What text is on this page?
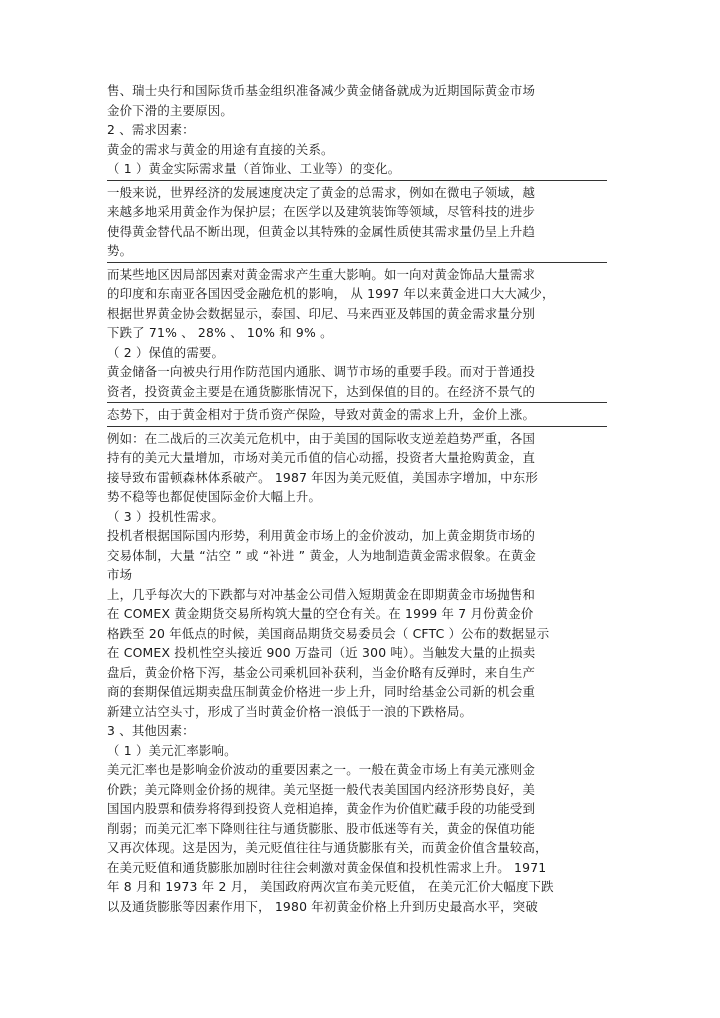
售、瑞士央行和国际货币基金组织准备减少黄金储备就成为近期国际黄金市场
金价下滑的主要原因。
2 、需求因素：
黄金的需求与黄金的用途有直接的关系。
（ 1 ）黄金实际需求量（首饰业、工业等）的变化。
一般来说，世界经济的发展速度决定了黄金的总需求，例如在微电子领域，越
来越多地采用黄金作为保护层；在医学以及建筑装饰等领域，尽管科技的进步
使得黄金替代品不断出现，但黄金以其特殊的金属性质使其需求量仍呈上升趋
势。
而某些地区因局部因素对黄金需求产生重大影响。如一向对黄金饰品大量需求
的印度和东南亚各国因受金融危机的影响， 从 1997 年以来黄金进口大大减少，
根据世界黄金协会数据显示，泰国、印尼、马来西亚及韩国的黄金需求量分别
下跌了 71% 、 28% 、 10% 和 9% 。
（ 2 ）保值的需要。
黄金储备一向被央行用作防范国内通胀、调节市场的重要手段。而对于普通投
资者，投资黄金主要是在通货膨胀情况下，达到保值的目的。在经济不景气的
态势下，由于黄金相对于货币资产保险，导致对黄金的需求上升，金价上涨。
例如：在二战后的三次美元危机中，由于美国的国际收支逆差趋势严重，各国
持有的美元大量增加，市场对美元币值的信心动摇，投资者大量抢购黄金，直
接导致布雷顿森林体系破产。 1987 年因为美元贬值，美国赤字增加，中东形
势不稳等也都促使国际金价大幅上升。
（ 3 ）投机性需求。
投机者根据国际国内形势，利用黄金市场上的金价波动，加上黄金期货市场的
交易体制，大量 “沽空 ” 或 “补进 ” 黄金，人为地制造黄金需求假象。在黄金
市场
上，几乎每次大的下跌都与对冲基金公司借入短期黄金在即期黄金市场抛售和
在 COMEX 黄金期货交易所构筑大量的空仓有关。在 1999 年 7 月份黄金价
格跌至 20 年低点的时候，美国商品期货交易委员会（ CFTC ）公布的数据显示
在 COMEX 投机性空头接近 900 万盎司（近 300 吨）。当触发大量的止损卖
盘后，黄金价格下泻，基金公司乘机回补获利，当金价略有反弹时，来自生产
商的套期保值远期卖盘压制黄金价格进一步上升，同时给基金公司新的机会重
新建立沽空头寸，形成了当时黄金价格一浪低于一浪的下跌格局。
3 、其他因素：
（ 1 ）美元汇率影响。
美元汇率也是影响金价波动的重要因素之一。一般在黄金市场上有美元涨则金
价跌；美元降则金价扬的规律。美元坚挺一般代表美国国内经济形势良好，美
国国内股票和债券将得到投资人竞相追捧，黄金作为价值贮藏手段的功能受到
削弱；而美元汇率下降则往往与通货膨胀、股市低迷等有关，黄金的保值功能
又再次体现。这是因为，美元贬值往往与通货膨胀有关，而黄金价值含量较高，
在美元贬值和通货膨胀加剧时往往会刺激对黄金保值和投机性需求上升。 1971
年 8 月和 1973 年 2 月， 美国政府两次宣布美元贬值， 在美元汇价大幅度下跌
以及通货膨胀等因素作用下， 1980 年初黄金价格上升到历史最高水平，突破
